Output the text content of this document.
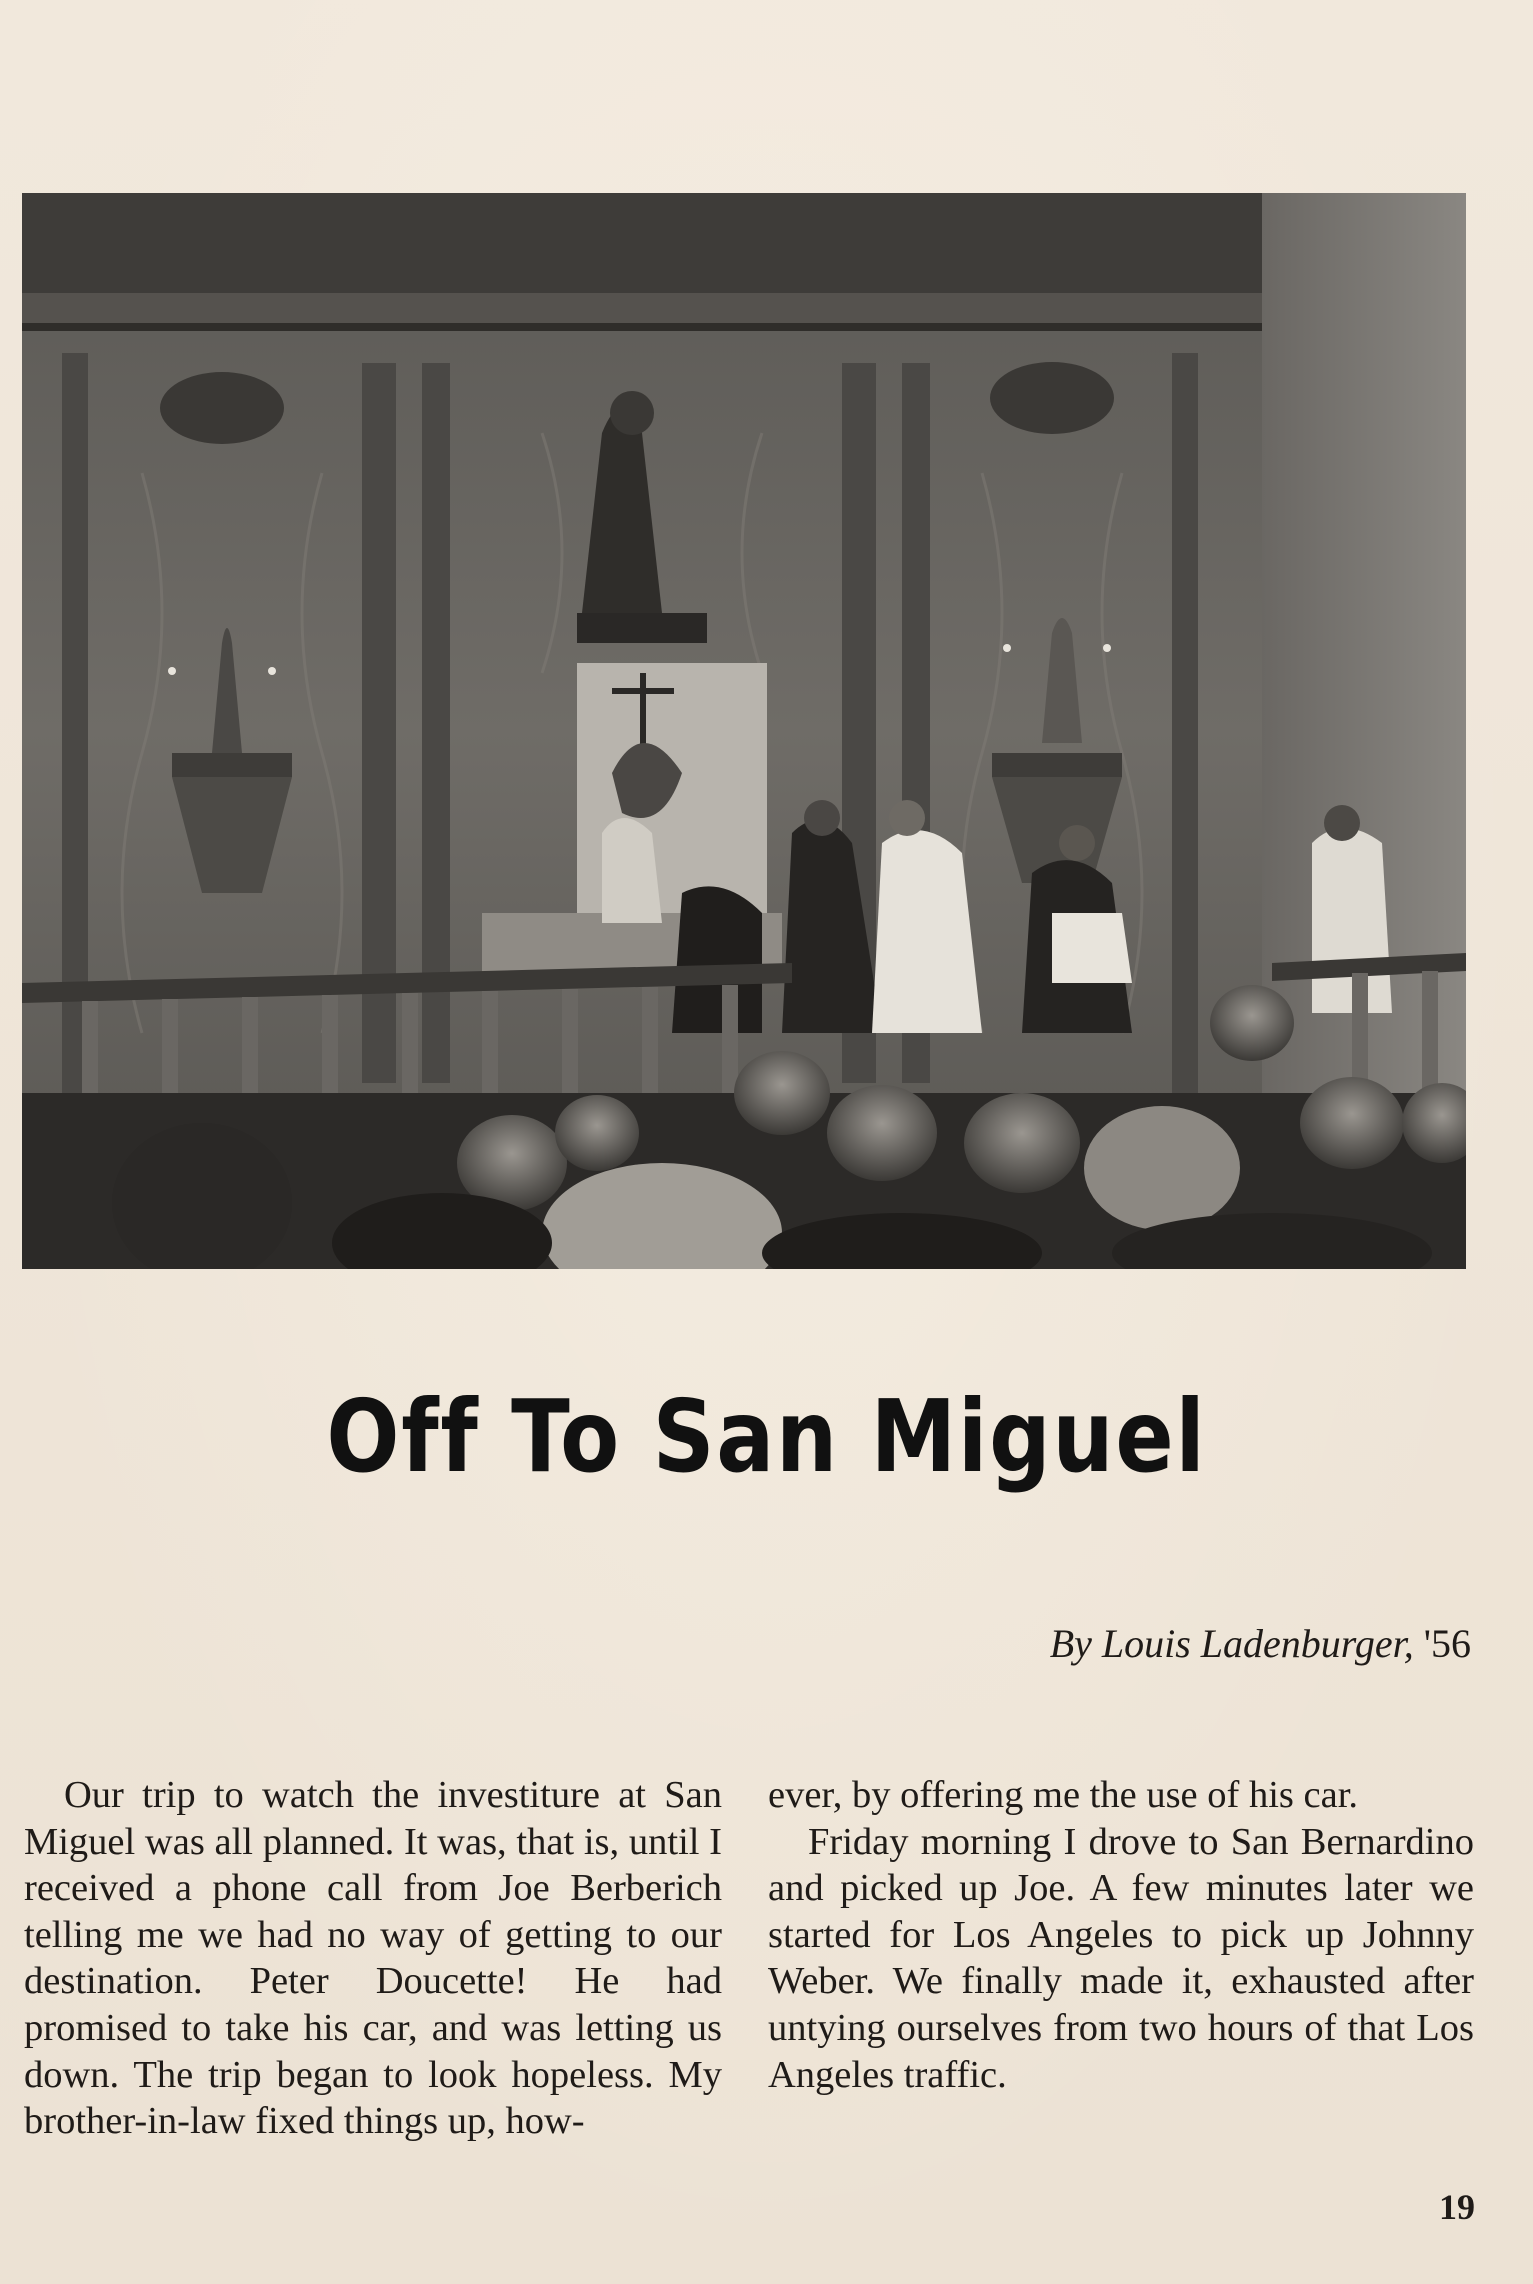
Off To San Miguel
By Louis Ladenburger, '56

Our trip to watch the investiture at San Miguel was all planned. It was, that is, until I received a phone call from Joe Berberich telling me we had no way of getting to our destination. Peter Doucette! He had promised to take his car, and was letting us down. The trip began to look hopeless. My brother-in-law fixed things up, how-

ever, by offering me the use of his car.

Friday morning I drove to San Bernardino and picked up Joe. A few minutes later we started for Los Angeles to pick up Johnny Weber. We finally made it, exhausted after untying ourselves from two hours of that Los Angeles traffic.

19
